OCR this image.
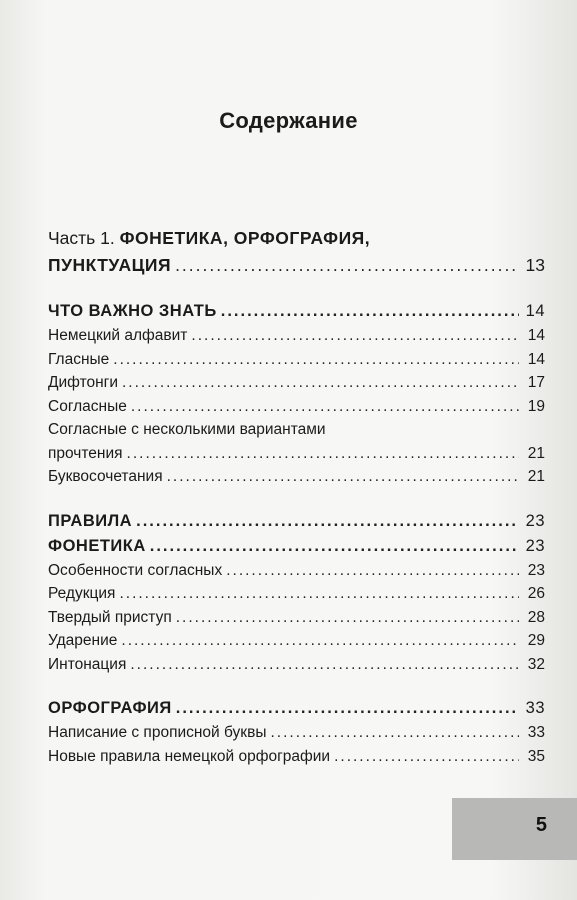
Содержание
Часть 1. ФОНЕТИКА, ОРФОГРАФИЯ,
ПУНКТУАЦИЯ .....	13
ЧТО ВАЖНО ЗНАТЬ .....	14
Немецкий алфавит .....	14
Гласные .....	14
Дифтонги .....	17
Согласные .....	19
Согласные с несколькими вариантами
прочтения .....	21
Буквосочетания .....	21
ПРАВИЛА .....	23
ФОНЕТИКА .....	23
Особенности согласных .....	23
Редукция .....	26
Твердый приступ .....	28
Ударение .....	29
Интонация .....	32
ОРФОГРАФИЯ .....	33
Написание с прописной буквы .....	33
Новые правила немецкой орфографии .....	35
5
